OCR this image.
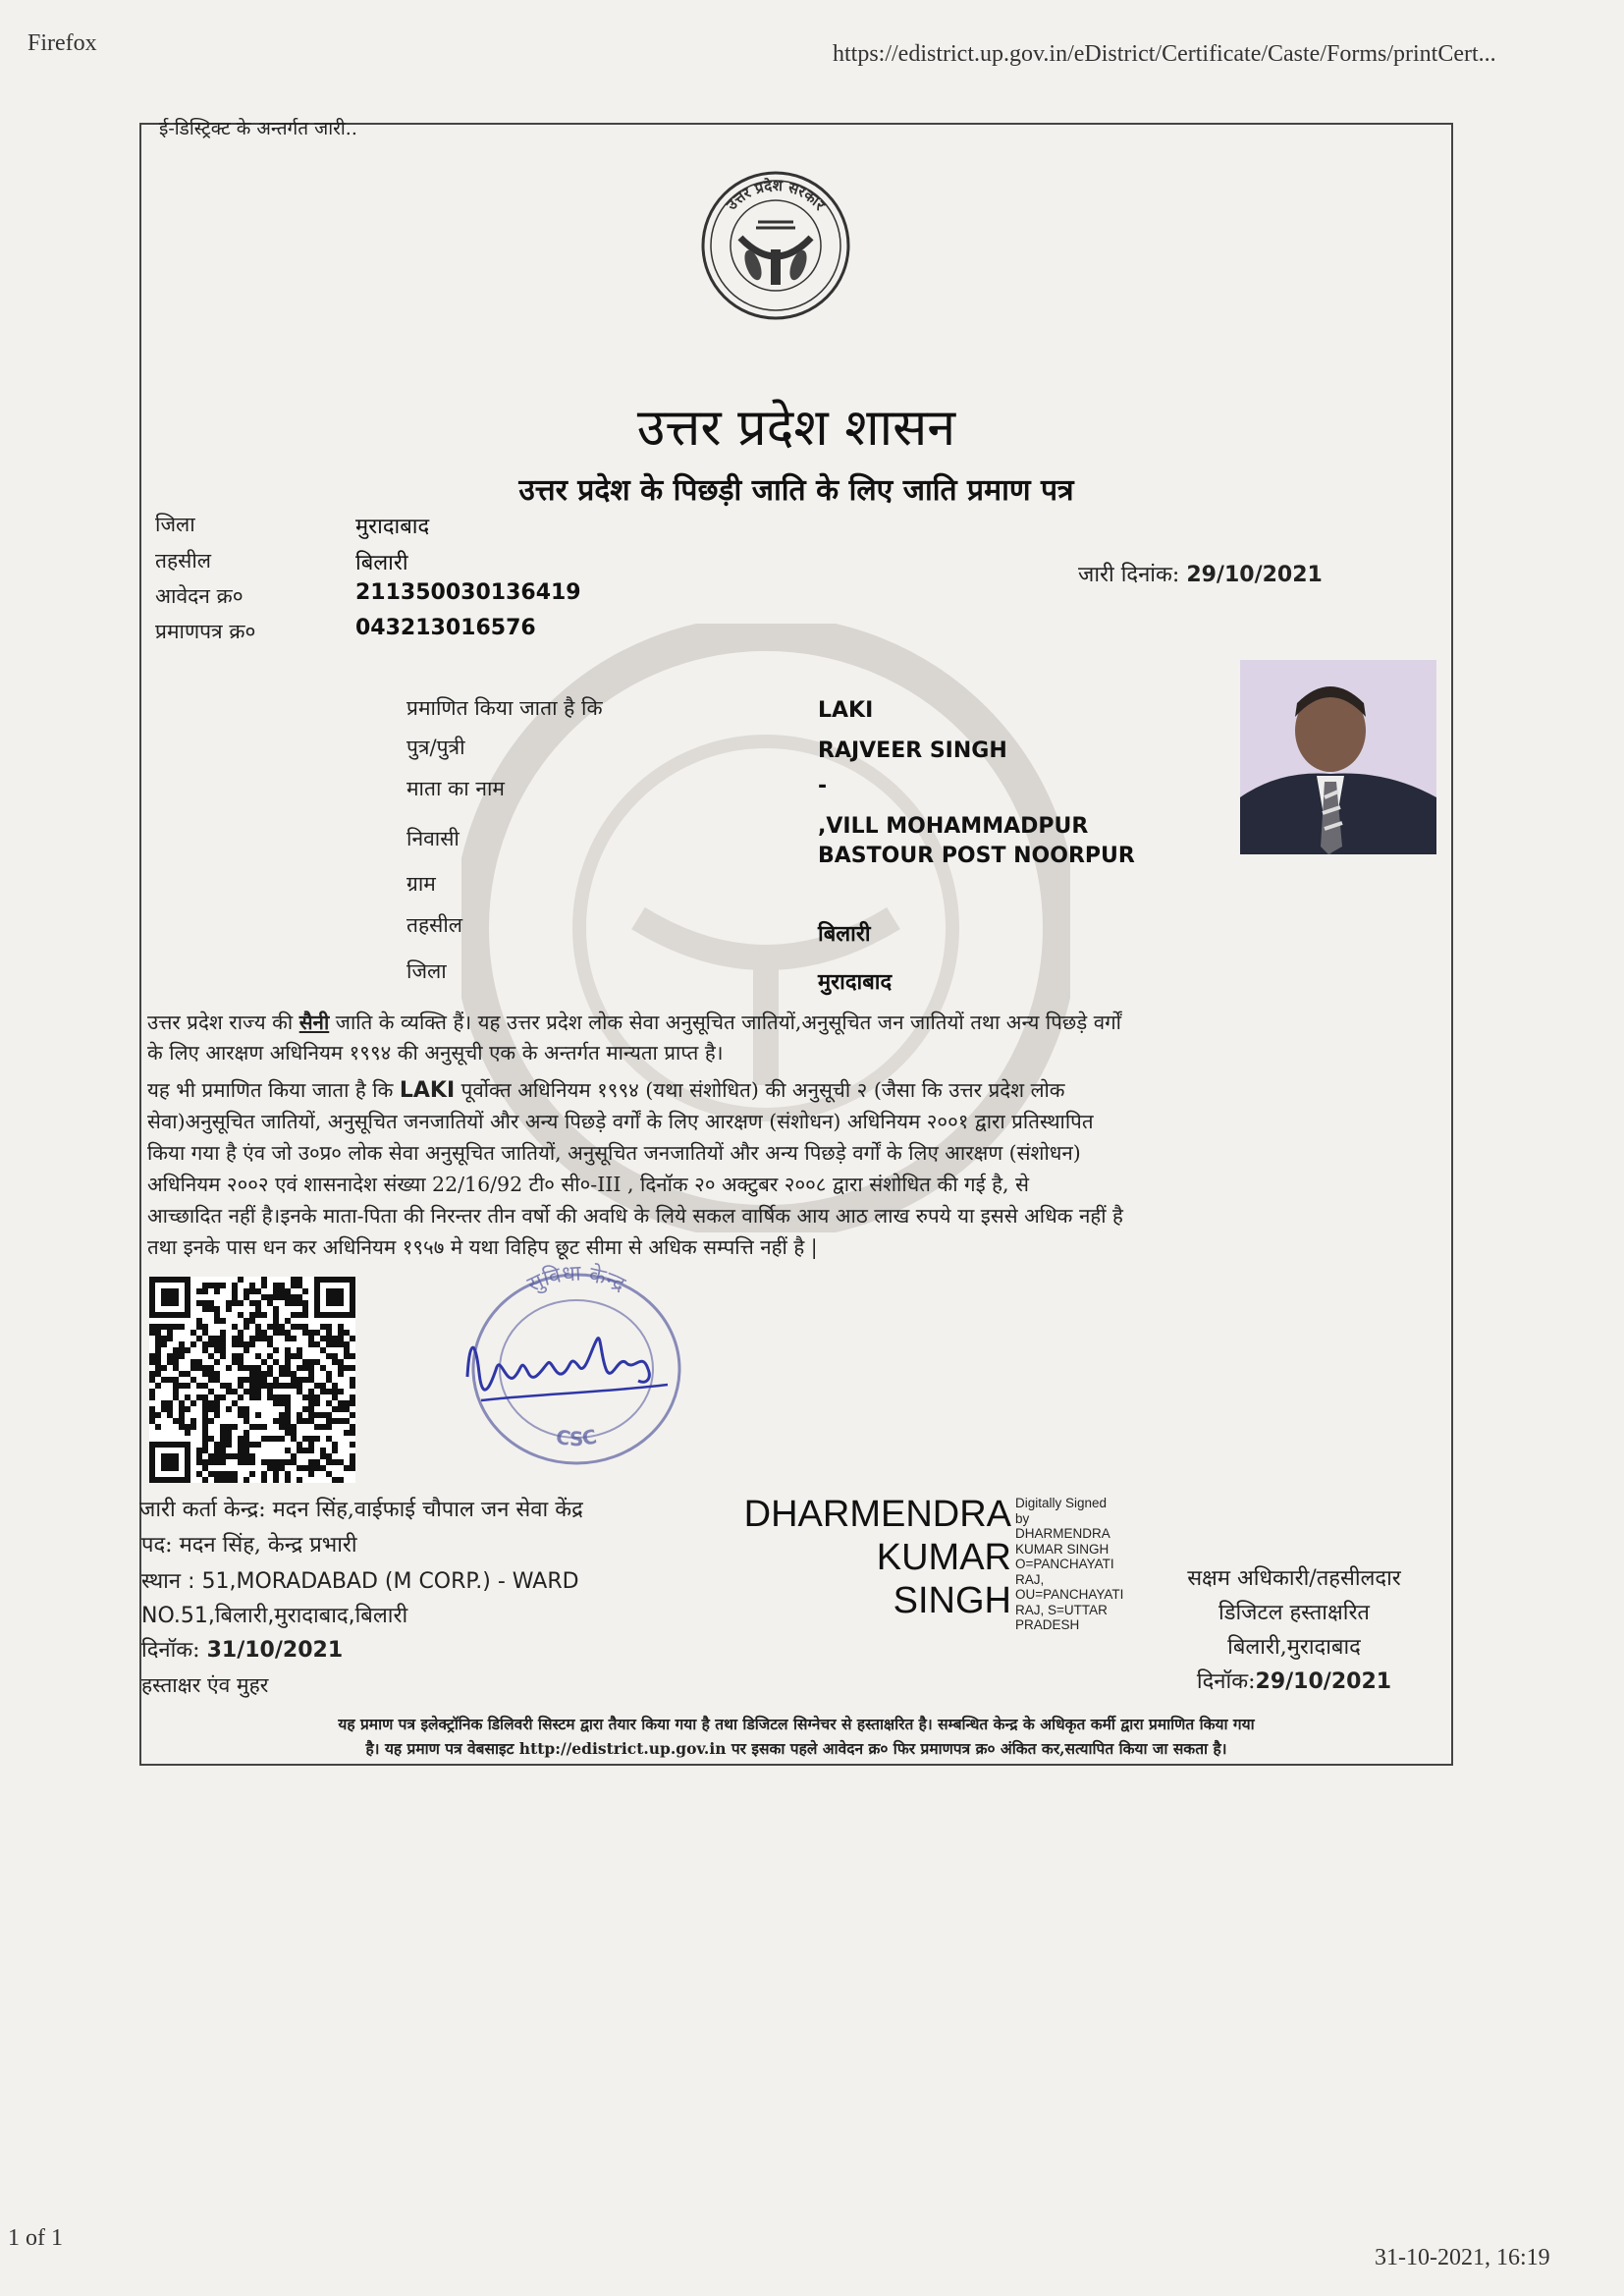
Firefox	https://edistrict.up.gov.in/eDistrict/Certificate/Caste/Forms/printCert...
1 of 1
31-10-2021, 16:19
ई-डिस्ट्रिक्ट के अन्तर्गत जारी..
उत्तर प्रदेश सरकार
उत्तर प्रदेश शासन
उत्तर प्रदेश के पिछड़ी जाति के लिए जाति प्रमाण पत्र
जिला	मुरादाबाद
तहसील	बिलारी
आवेदन क्र०	211350030136419
प्रमाणपत्र क्र०	043213016576
जारी दिनांक: 29/10/2021
प्रमाणित किया जाता है कि	LAKI
पुत्र/पुत्री	RAJVEER SINGH
माता का नाम	-
निवासी	,VILL MOHAMMADPUR
BASTOUR POST NOORPUR
ग्राम
तहसील	बिलारी
जिला	मुरादाबाद
उत्तर प्रदेश राज्य की सैनी जाति के व्यक्ति हैं। यह उत्तर प्रदेश लोक सेवा अनुसूचित जातियों,अनुसूचित जन जातियों तथा अन्य पिछड़े वर्गों
के लिए आरक्षण अधिनियम १९९४ की अनुसूची एक के अन्तर्गत मान्यता प्राप्त है।
यह भी प्रमाणित किया जाता है कि LAKI पूर्वोक्त अधिनियम १९९४ (यथा संशोधित) की अनुसूची २ (जैसा कि उत्तर प्रदेश लोक
सेवा)अनुसूचित जातियों, अनुसूचित जनजातियों और अन्य पिछड़े वर्गों के लिए आरक्षण (संशोधन) अधिनियम २००१ द्वारा प्रतिस्थापित
किया गया है एंव जो उ०प्र० लोक सेवा अनुसूचित जातियों, अनुसूचित जनजातियों और अन्य पिछड़े वर्गों के लिए आरक्षण (संशोधन)
अधिनियम २००२ एवं शासनादेश संख्या 22/16/92 टी० सी०-III , दिनॉक २० अक्टुबर २००८ द्वारा संशोधित की गई है, से
आच्छादित नहीं है।इनके माता-पिता की निरन्तर तीन वर्षो की अवधि के लिये सकल वार्षिक आय आठ लाख रुपये या इससे अधिक नहीं है
तथा इनके पास धन कर अधिनियम १९५७ मे यथा विहिप छूट सीमा से अधिक सम्पत्ति नहीं है |
सुविधा केन्द्र
CSC
जारी कर्ता केन्द्र: मदन सिंह,वाईफाई चौपाल जन सेवा केंद्र
पद: मदन सिंह, केन्द्र प्रभारी
स्थान : 51,MORADABAD (M CORP.) - WARD
NO.51,बिलारी,मुरादाबाद,बिलारी
दिनॉक: 31/10/2021
हस्ताक्षर एंव मुहर
DHARMENDRA
KUMAR
SINGH
Digitally Signed
by
DHARMENDRA
KUMAR SINGH
O=PANCHAYATI
RAJ,
OU=PANCHAYATI
RAJ, S=UTTAR
PRADESH
सक्षम अधिकारी/तहसीलदार
डिजिटल हस्ताक्षरित
बिलारी,मुरादाबाद
दिनॉक:29/10/2021
यह प्रमाण पत्र इलेक्ट्रॉनिक डिलिवरी सिस्टम द्वारा तैयार किया गया है तथा डिजिटल सिग्नेचर से हस्ताक्षरित है। सम्बन्धित केन्द्र के अधिकृत कर्मी द्वारा प्रमाणित किया गया
है। यह प्रमाण पत्र वेबसाइट http://edistrict.up.gov.in पर इसका पहले आवेदन क्र० फिर प्रमाणपत्र क्र० अंकित कर,सत्यापित किया जा सकता है।
